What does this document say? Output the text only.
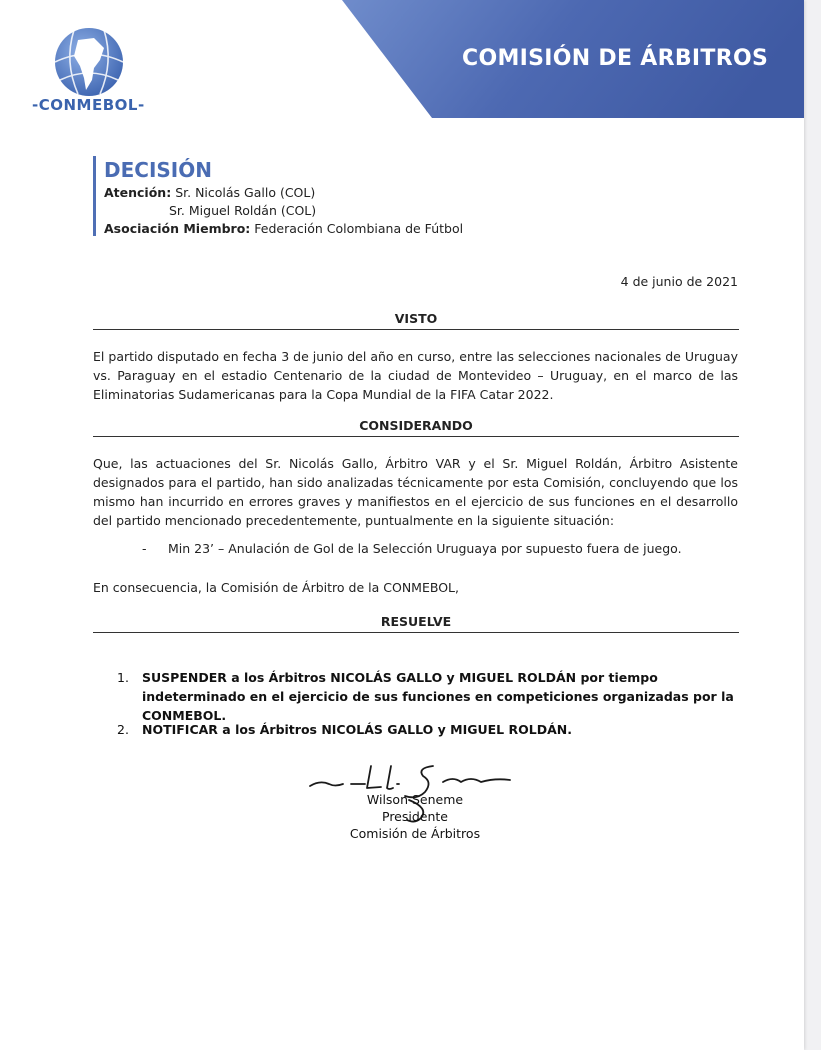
COMISIÓN DE ÁRBITROS
-CONMEBOL-
DECISIÓN
Atención: Sr. Nicolás Gallo (COL)
Sr. Miguel Roldán (COL)
Asociación Miembro: Federación Colombiana de Fútbol
4 de junio de 2021
VISTO

El partido disputado en fecha 3 de junio del año en curso, entre las selecciones nacionales de Uruguay vs. Paraguay en el estadio Centenario de la ciudad de Montevideo – Uruguay, en el marco de las Eliminatorias Sudamericanas para la Copa Mundial de la FIFA Catar 2022.

CONSIDERANDO

Que, las actuaciones del Sr. Nicolás Gallo, Árbitro VAR y el Sr. Miguel Roldán, Árbitro Asistente designados para el partido, han sido analizadas técnicamente por esta Comisión, concluyendo que los mismo han incurrido en errores graves y manifiestos en el ejercicio de sus funciones en el desarrollo del partido mencionado precedentemente, puntualmente en la siguiente situación:

- Min 23’ – Anulación de Gol de la Selección Uruguaya por supuesto fuera de juego.

En consecuencia, la Comisión de Árbitro de la CONMEBOL,

RESUELVE
1. SUSPENDER a los Árbitros NICOLÁS GALLO y MIGUEL ROLDÁN por tiempo indeterminado en el ejercicio de sus funciones en competiciones organizadas por la CONMEBOL.
2. NOTIFICAR a los Árbitros NICOLÁS GALLO y MIGUEL ROLDÁN.
Wilson Seneme
Presidente
Comisión de Árbitros
